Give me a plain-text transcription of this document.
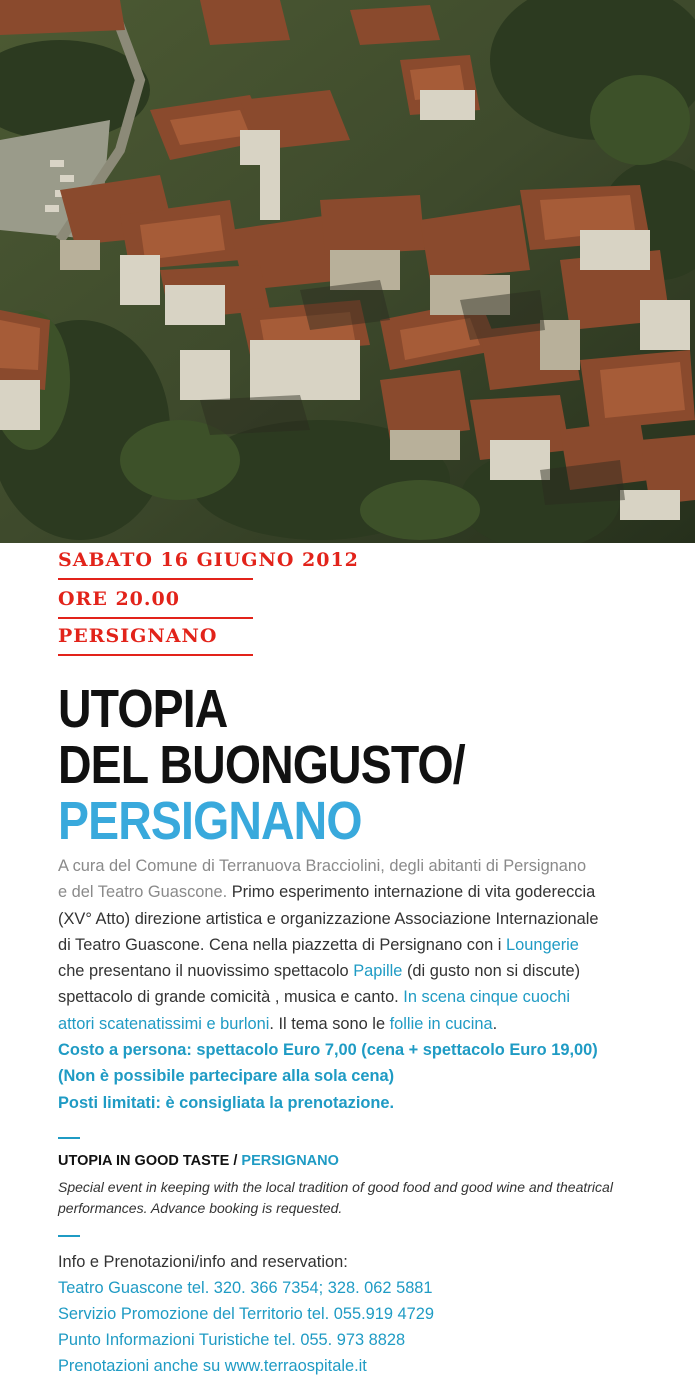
SABATO 16 GIUGNO 2012
ORE 20.00
PERSIGNANO
UTOPIA
DEL BUONGUSTO/
PERSIGNANO
A cura del Comune di Terranuova Bracciolini, degli abitanti di Persignano
e del Teatro Guascone. Primo esperimento internazione di vita godereccia
(XV° Atto) direzione artistica e organizzazione Associazione Internazionale
di Teatro Guascone. Cena nella piazzetta di Persignano con i Loungerie
che presentano il nuovissimo spettacolo Papille (di gusto non si discute)
spettacolo di grande comicità , musica e canto. In scena cinque cuochi
attori scatenatissimi e burloni. Il tema sono le follie in cucina.
Costo a persona: spettacolo Euro 7,00 (cena + spettacolo Euro 19,00)
(Non è possibile partecipare alla sola cena)
Posti limitati: è consigliata la prenotazione.
UTOPIA IN GOOD TASTE / PERSIGNANO
Special event in keeping with the local tradition of good food and good wine and theatrical performances. Advance booking is requested.
Info e Prenotazioni/info and reservation:
Teatro Guascone tel. 320. 366 7354; 328. 062 5881
Servizio Promozione del Territorio tel. 055.919 4729
Punto Informazioni Turistiche tel. 055. 973 8828
Prenotazioni anche su www.terraospitale.it
